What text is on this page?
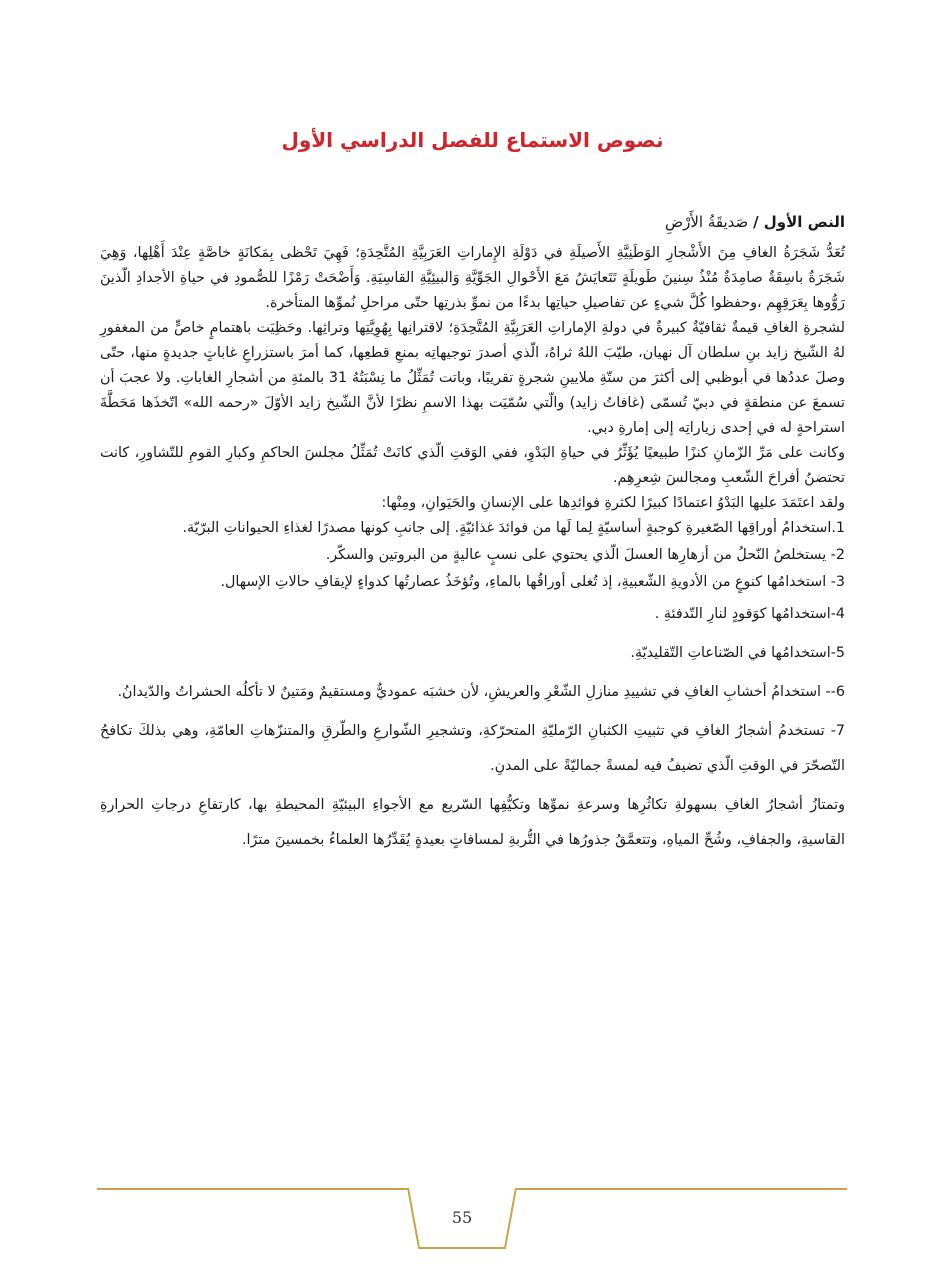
نصوص الاستماع للفصل الدراسي الأول

النص الأول / صَديقَةُ الأَرْضِ

تُعَدُّ شَجَرَةُ الغافِ مِنَ الأَشْجارِ الوَطَنِيَّةِ الأَصيلَةِ في دَوْلَةِ الإِماراتِ العَرَبِيَّةِ المُتَّحِدَةِ؛ فَهِيَ تَحْظى بِمَكانَةٍ خاصَّةٍ عِنْدَ أَهْلِها، وَهِيَ شَجَرَةٌ باسِقَةٌ صامِدَةٌ مُنْذُ سِنينَ طَويلَةٍ تَتَعايَشُ مَعَ الأَحْوالِ الجَوِّيَّةِ وَالبيئِيَّةِ القاسِيَةِ. وَأَضْحَتْ رَمْزًا للصُّمودِ في حياةِ الأجدادِ الّذينَ رَوُّوها بِعَرَقِهِم ،وحفظوا كُلَّ شيءٍ عن تفاصيلِ حياتِها بدءًا من نموِّ بذرتِها حتّى مراحلِ نُموِّها المتأخرة.

لشجرةِ الغافِ قيمةٌ ثقافيّةٌ كبيرةٌ في دولةِ الإماراتِ العَرَبِيَّةِ المُتَّحِدَةِ؛ لاقترانِها بِهُوِيَّتِها وتراثِها. وحَظِيَت باهتمامٍ خاصٍّ من المغفورِ لهُ الشّيخ زايد بنِ سلطان آل نهيان، طيّبَ اللهُ ثراهُ، الّذي أصدرَ توجيهاتِه بمنعِ قطعِها، كما أمرَ باستزراعِ غاباتٍ جديدةٍ منها، حتّى وصلَ عددُها في أبوظبي إلى أكثرَ من ستّةِ ملايينِ شجرةٍ تقريبًا، وباتت تُمَثِّلُ ما نِسْبَتُهُ 31 بالمئةِ من أشجارِ الغاباتِ. ولا عجبَ أن تسمعَ عن منطقةٍ في دبيّ تُسمّى (غافاتُ زايد) والّتي سُمّيَت بهذا الاسمِ نظرًا لأنَّ الشّيخ زايد الأوّلَ «رحمه الله» اتّخذَها مَحَطَّةَ استراحةٍ له في إحدى زياراتِه إلى إمارةِ دبي.

وكانت على مَرِّ الزّمانِ كنزًا طبيعيًا يُؤَثِّرُ في حياةِ البَدْوِ، ففي الوَقتِ الّذي كانَتْ تُمَثِّلُ مجلسَ الحاكمِ وكبارِ القومِ للتّشاورِ، كانت تحتضنُ أفراحَ الشّعبِ ومجالسَ شِعرِهِم.

ولقد اعتَمَدَ عليها البَدْوُ اعتمادًا كبيرًا لكثرةِ فوائدِها على الإنسانِ والحَيَوانِ، ومِنْها:

1.استخدامُ أوراقِها الصّغيرةِ كوجبةٍ أساسيّةٍ لِما لَها من فوائدَ غذائيّةٍ. إلى جانبِ كونها مصدرًا لغذاءِ الحيواناتِ البرّيّة.

2- يستخلصُ النّحلُ من أزهارِها العسلَ الّذي يحتوي على نسبٍ عاليةٍ من البروتين والسكّر.

3- استخدامُها كنوعٍ من الأدويةِ الشّعبيةِ، إذ تُغلى أوراقُها بالماءِ، وتُؤخَذُ عصارتُها كدواءٍ لإيقافِ حالاتِ الإسهال.

4-استخدامُها كوَقودٍ لنارِ التّدفئةِ .

5-استخدامُها في الصّناعاتِ التّقليديّةِ.

6-- استخدامُ أخشابِ الغافِ في تشييدِ منازلِ الشّعْرِ والعريشِ، لأن خشبَه عموديٌّ ومستقيمٌ ومَتينٌ لا تأكلُه الحشراتُ والدّيدانُ.

7- تستخدمُ أشجارُ الغافِ في تثبيتِ الكثبانِ الرّمليّةِ المتحرّكةِ، وتشجيرِ الشّوارعِ والطّرقِ والمتنزّهاتِ العامّةِ، وهي بذلكَ تكافحُ التّصحّرَ في الوقتِ الّذي تضيفُ فيه لمسةً جماليّةً على المدنِ.

وتمتازُ أشجارُ الغافِ بسهولةِ تكاثُرِها وسرعةِ نموِّها وتكيُّفِها السّريع مع الأجواءِ البيئيّةِ المحيطةِ بها، كارتفاعِ درجاتِ الحرارةِ القاسيةِ، والجفافِ، وشُحِّ المياهِ، وتتعمَّقُ جذورُها في التُّربةِ لمسافاتٍ بعيدةٍ يُقَدِّرُها العلماءُ بخمسينَ مترًا.

55
